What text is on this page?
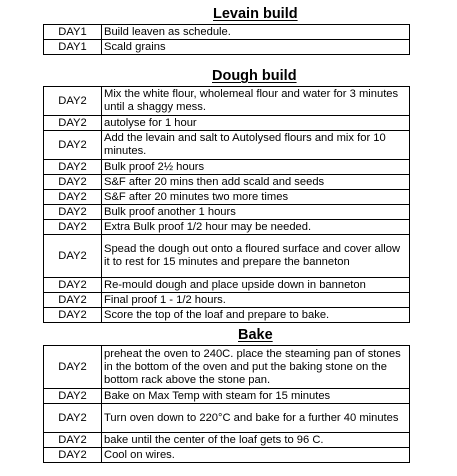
Levain build
DAY1	Build leaven as schedule.
DAY1	Scald grains
Dough build
DAY2	Mix the white flour, wholemeal flour and water for 3 minutes until a shaggy mess.
DAY2	autolyse for 1 hour
DAY2	Add the levain and salt to Autolysed flours and mix for 10 minutes.
DAY2	Bulk proof 2½ hours
DAY2	S&F after 20 mins then add scald and seeds
DAY2	S&F after 20 minutes two more times
DAY2	Bulk proof another 1 hours
DAY2	Extra Bulk proof 1/2 hour may be needed.
DAY2	Spead the dough out onto a floured surface and cover allow it to rest for 15 minutes and prepare the banneton
DAY2	Re-mould dough and place upside down in banneton
DAY2	Final proof 1 - 1/2 hours.
DAY2	Score the top of the loaf and prepare to bake.
Bake
DAY2	preheat the oven to 240C. place the steaming pan of stones in the bottom of the oven and put the baking stone on the bottom rack above the stone pan.
DAY2	Bake on Max Temp with steam for 15 minutes
DAY2	Turn oven down to 220°C and bake for a further 40 minutes
DAY2	bake until the center of the loaf gets to 96 C.
DAY2	Cool on wires.
